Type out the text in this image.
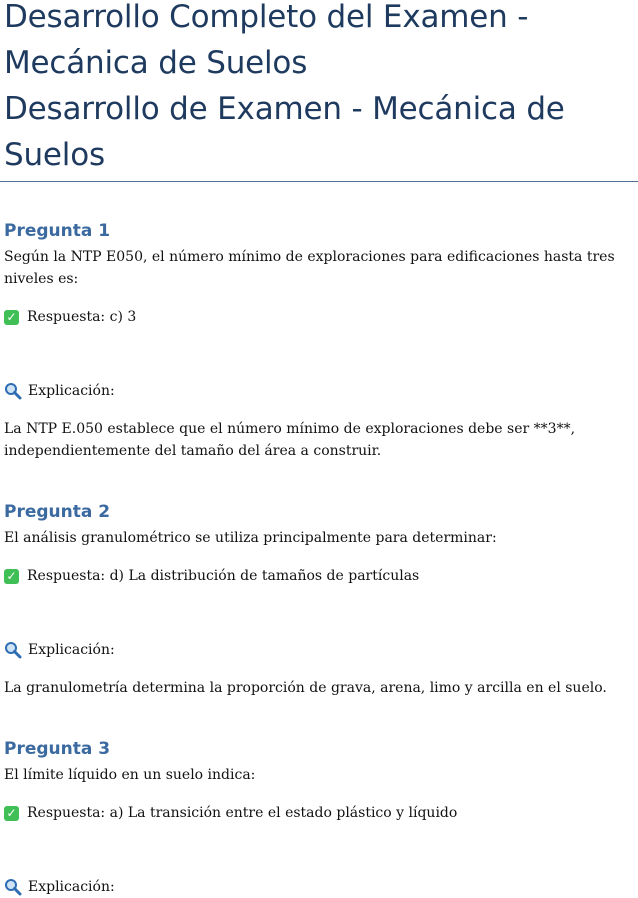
Desarrollo Completo del Examen -
Mecánica de Suelos
Desarrollo de Examen - Mecánica de
Suelos
Pregunta 1

Según la NTP E050, el número mínimo de exploraciones para edificaciones hasta tres niveles es:

✓ Respuesta: c) 3
Explicación:

La NTP E.050 establece que el número mínimo de exploraciones debe ser **3**, independientemente del tamaño del área a construir.

Pregunta 2

El análisis granulométrico se utiliza principalmente para determinar:

✓ Respuesta: d) La distribución de tamaños de partículas
Explicación:

La granulometría determina la proporción de grava, arena, limo y arcilla en el suelo.

Pregunta 3

El límite líquido en un suelo indica:

✓ Respuesta: a) La transición entre el estado plástico y líquido
Explicación:
